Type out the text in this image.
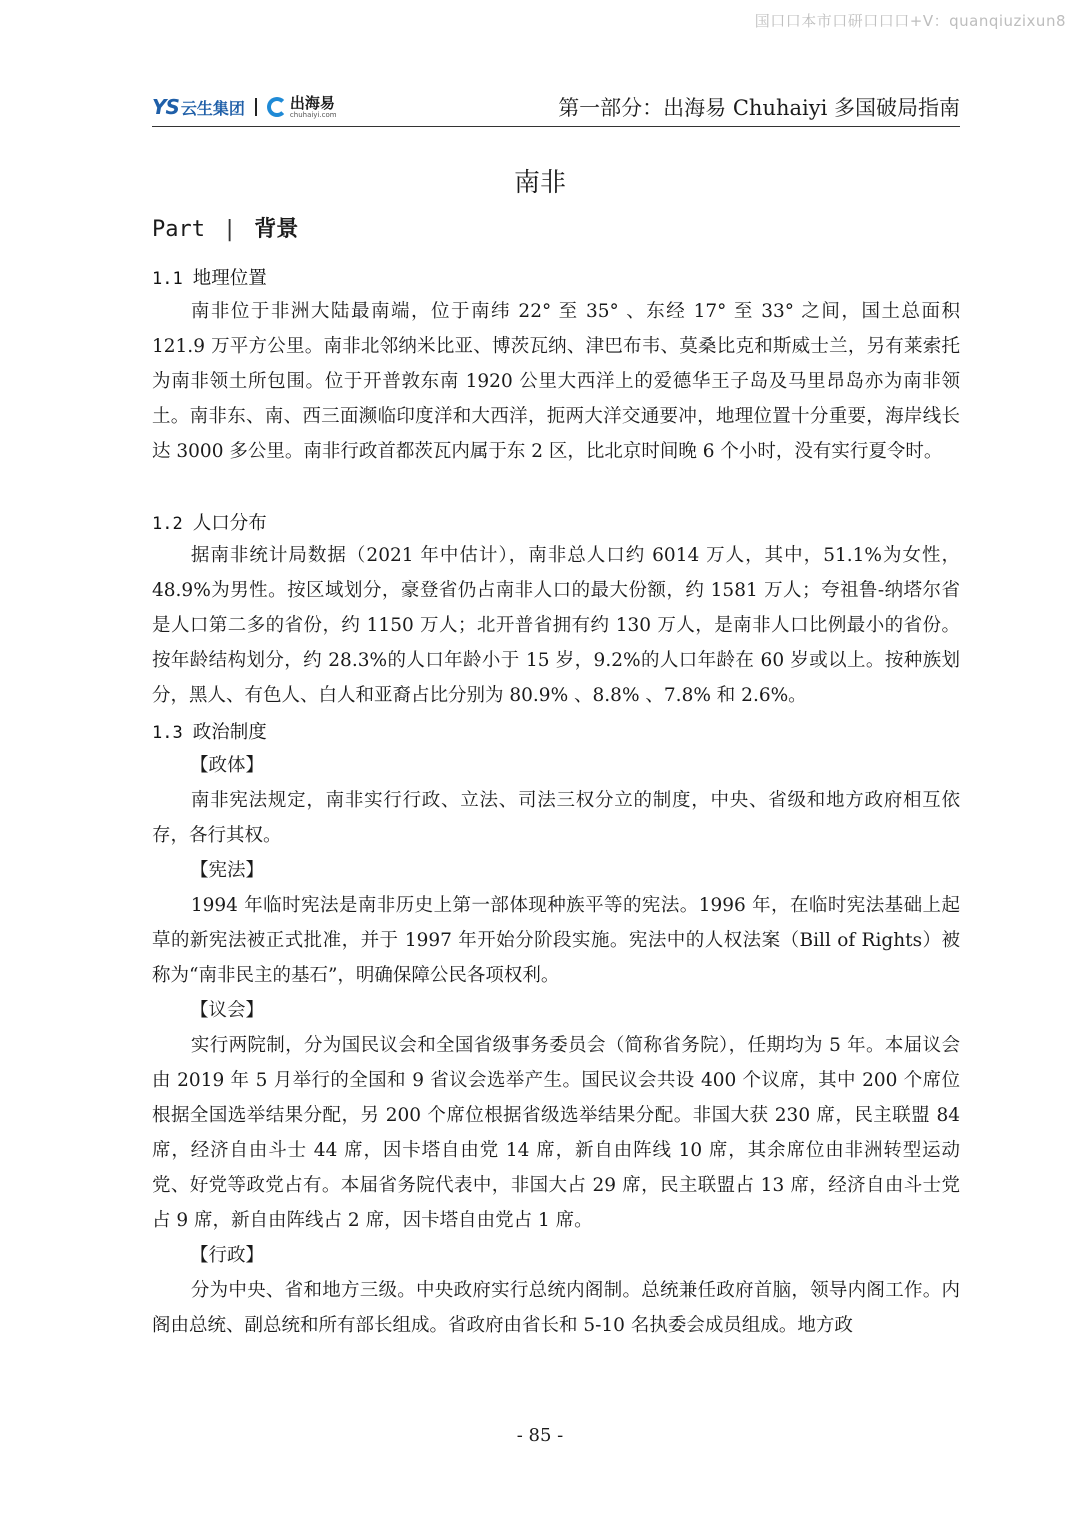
国口口本市口研口口口+V：quanqiuzixun8
YS 云生集团	出海易
chuhaiyi.com	第一部分：出海易 Chuhaiyi 多国破局指南
南非
Part | 背景
1.1 地理位置
南非位于非洲大陆最南端，位于南纬 22° 至 35° 、东经 17° 至 33° 之间，国土总面积 121.9 万平方公里。南非北邻纳米比亚、博茨瓦纳、津巴布韦、莫桑比克和斯威士兰，另有莱索托为南非领土所包围。位于开普敦东南 1920 公里大西洋上的爱德华王子岛及马里昂岛亦为南非领土。南非东、南、西三面濒临印度洋和大西洋，扼两大洋交通要冲，地理位置十分重要，海岸线长达 3000 多公里。南非行政首都茨瓦内属于东 2 区，比北京时间晚 6 个小时，没有实行夏令时。
1.2 人口分布
据南非统计局数据（2021 年中估计），南非总人口约 6014 万人，其中，51.1%为女性，48.9%为男性。按区域划分，豪登省仍占南非人口的最大份额，约 1581 万人；夸祖鲁-纳塔尔省是人口第二多的省份，约 1150 万人；北开普省拥有约 130 万人，是南非人口比例最小的省份。按年龄结构划分，约 28.3%的人口年龄小于 15 岁，9.2%的人口年龄在 60 岁或以上。按种族划分，黑人、有色人、白人和亚裔占比分别为 80.9% 、8.8% 、7.8% 和 2.6%。
1.3 政治制度
【政体】
南非宪法规定，南非实行行政、立法、司法三权分立的制度，中央、省级和地方政府相互依存，各行其权。
【宪法】
1994 年临时宪法是南非历史上第一部体现种族平等的宪法。1996 年，在临时宪法基础上起草的新宪法被正式批准，并于 1997 年开始分阶段实施。宪法中的人权法案（Bill of Rights）被称为“南非民主的基石”，明确保障公民各项权利。
【议会】
实行两院制，分为国民议会和全国省级事务委员会（简称省务院），任期均为 5 年。本届议会由 2019 年 5 月举行的全国和 9 省议会选举产生。国民议会共设 400 个议席，其中 200 个席位根据全国选举结果分配，另 200 个席位根据省级选举结果分配。非国大获 230 席，民主联盟 84 席，经济自由斗士 44 席，因卡塔自由党 14 席，新自由阵线 10 席，其余席位由非洲转型运动党、好党等政党占有。本届省务院代表中，非国大占 29 席，民主联盟占 13 席，经济自由斗士党占 9 席，新自由阵线占 2 席，因卡塔自由党占 1 席。
【行政】
分为中央、省和地方三级。中央政府实行总统内阁制。总统兼任政府首脑，领导内阁工作。内阁由总统、副总统和所有部长组成。省政府由省长和 5-10 名执委会成员组成。地方政
- 85 -
